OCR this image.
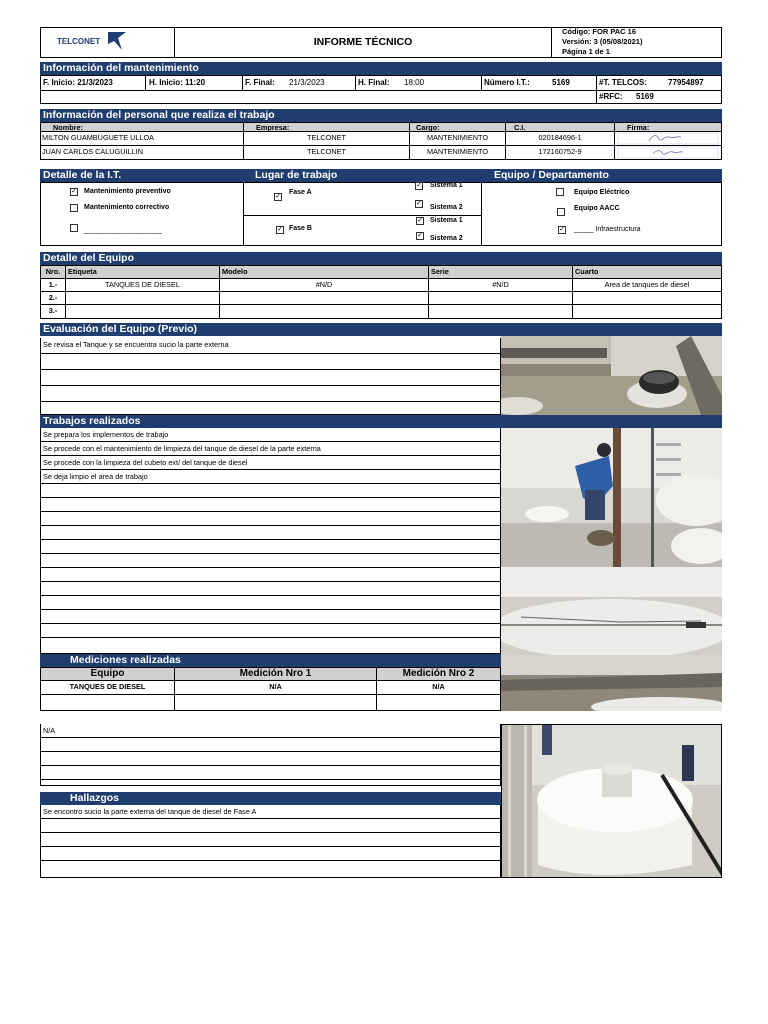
TELCONET	INFORME TÉCNICO
Código: FOR PAC 16
Versión: 3 (05/08/2021)
Página 1 de 1
Información del mantenimiento
F. Inicio: 21/3/2023	H. Inicio: 11:20	F. Final: 21/3/2023	H. Final: 18:00	Número I.T.:	5169	#T. TELCOS:	77954897
#RFC: 5169
Información del personal que realiza el trabajo
Nombre:	Empresa:	Cargo:	C.I.	Firma:
MILTON GUAMBUGUETE ULLOA	TELCONET	MANTENIMIENTO	020184696-1
JUAN CARLOS CALUGUILLIN	TELCONET	MANTENIMIENTO	172160752-9
Detalle de la I.T.	Lugar de trabajo	Equipo / Departamento
✓ Mantenimiento preventivo
Mantenimiento correctivo
____________________
✓
Fase A
✓ Sistema 1
✓
Sistema 2
✓ Fase B
✓ Sistema 1
✓ Sistema 2
Equipo Eléctrico
Equipo AACC
✓ _____ Infraestructura
Detalle del Equipo
Nro.	Etiqueta	Modelo	Serie	Cuarto
1.-	TANQUES DE DIESEL	#N/D	#N/D	Area de tanques de diesel
2.-
3.-
Evaluación del Equipo (Previo)
Se revisa el Tanque y se encuentra sucio la parte externa
Trabajos realizados
Se prepara los implementos de trabajo
Se procede con el mantenimiento de limpieza del tanque de diesel de la parte externa
Se procede con la limpieza del cubeto ext/ del tanque de diesel
Se deja limpio el area de trabajo
Mediciones realizadas
Equipo	Medición Nro 1	Medición Nro 2
TANQUES DE DIESEL	N/A	N/A
Observaciones
N/A
Hallazgos
Se encontro sucio la parte externa del tanque de diesel de Fase A
